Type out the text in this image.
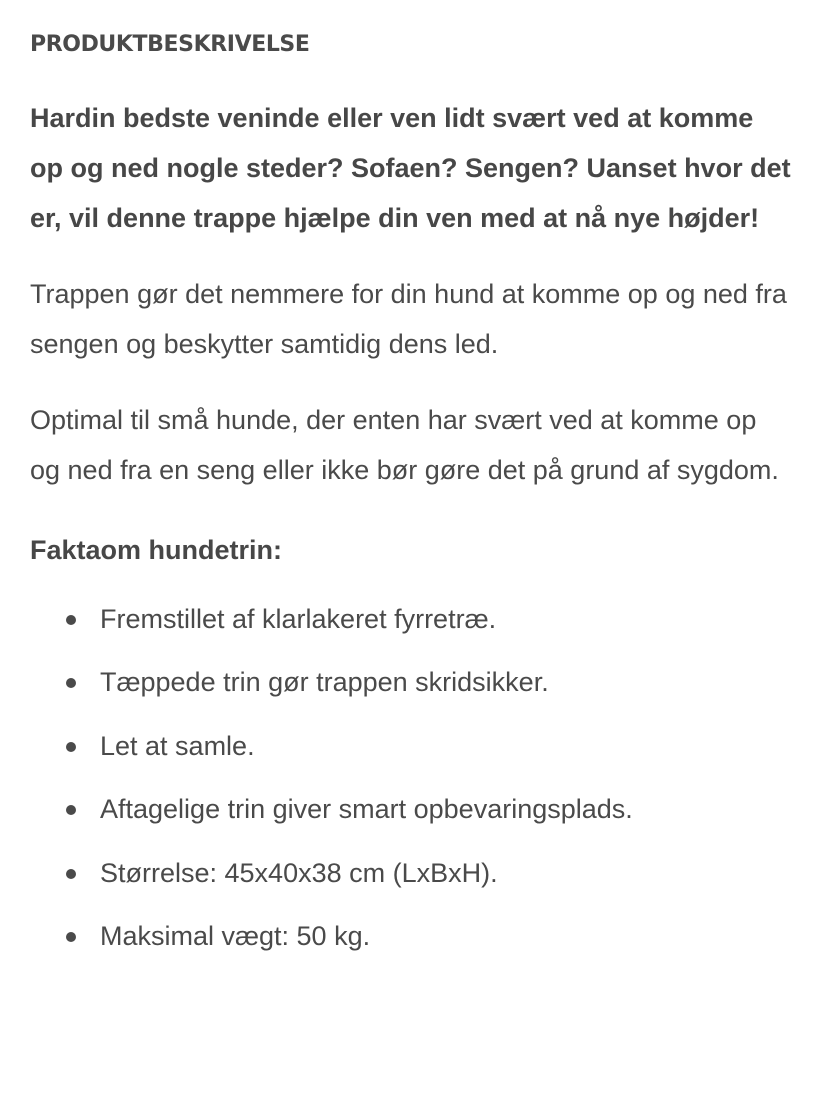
PRODUKTBESKRIVELSE

Hardin bedste veninde eller ven lidt svært ved at komme op og ned nogle steder? Sofaen? Sengen? Uanset hvor det er, vil denne trappe hjælpe din ven med at nå nye højder!

Trappen gør det nemmere for din hund at komme op og ned fra sengen og beskytter samtidig dens led.

Optimal til små hunde, der enten har svært ved at komme op og ned fra en seng eller ikke bør gøre det på grund af sygdom.

Faktaom hundetrin:

Fremstillet af klarlakeret fyrretræ.
Tæppede trin gør trappen skridsikker.
Let at samle.
Aftagelige trin giver smart opbevaringsplads.
Størrelse: 45x40x38 cm (LxBxH).
Maksimal vægt: 50 kg.
